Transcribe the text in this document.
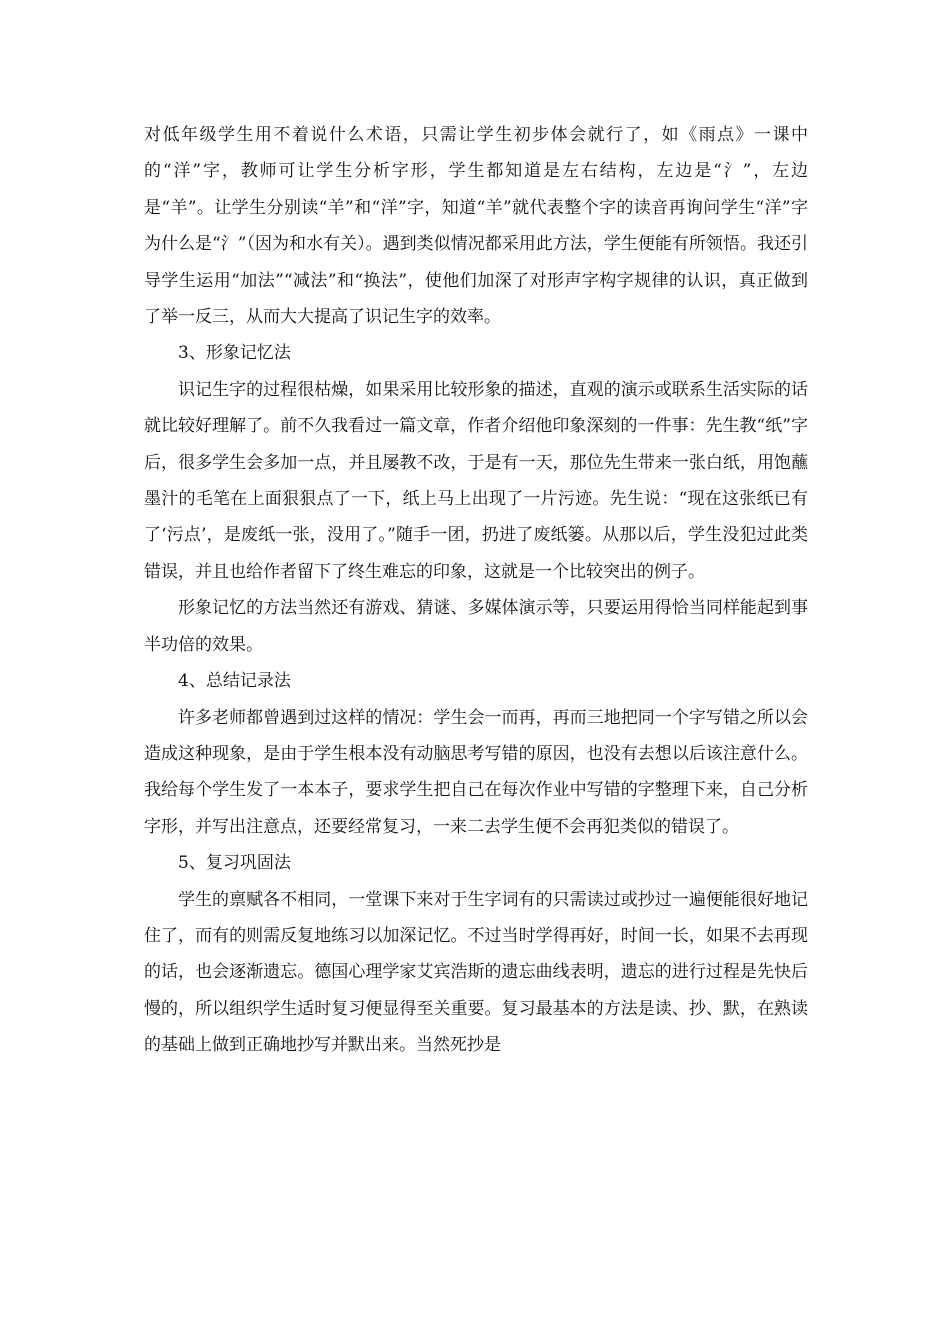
对低年级学生用不着说什么术语，只需让学生初步体会就行了，如《雨点》一课中的“洋”字，教师可让学生分析字形，学生都知道是左右结构，左边是“氵”，左边是“羊”。让学生分别读“羊”和“洋”字，知道“羊”就代表整个字的读音再询问学生“洋”字为什么是“氵”（因为和水有关）。遇到类似情况都采用此方法，学生便能有所领悟。我还引导学生运用“加法”“减法”和“换法”，使他们加深了对形声字构字规律的认识，真正做到了举一反三，从而大大提高了识记生字的效率。

3、形象记忆法

识记生字的过程很枯燥，如果采用比较形象的描述，直观的演示或联系生活实际的话就比较好理解了。前不久我看过一篇文章，作者介绍他印象深刻的一件事：先生教“纸”字后，很多学生会多加一点，并且屡教不改，于是有一天，那位先生带来一张白纸，用饱蘸墨汁的毛笔在上面狠狠点了一下，纸上马上出现了一片污迹。先生说：“现在这张纸已有了‘污点’，是废纸一张，没用了。”随手一团，扔进了废纸篓。从那以后，学生没犯过此类错误，并且也给作者留下了终生难忘的印象，这就是一个比较突出的例子。

形象记忆的方法当然还有游戏、猜谜、多媒体演示等，只要运用得恰当同样能起到事半功倍的效果。

4、总结记录法

许多老师都曾遇到过这样的情况：学生会一而再，再而三地把同一个字写错之所以会造成这种现象，是由于学生根本没有动脑思考写错的原因，也没有去想以后该注意什么。我给每个学生发了一本本子，要求学生把自己在每次作业中写错的字整理下来，自己分析字形，并写出注意点，还要经常复习，一来二去学生便不会再犯类似的错误了。

5、复习巩固法

学生的禀赋各不相同，一堂课下来对于生字词有的只需读过或抄过一遍便能很好地记住了，而有的则需反复地练习以加深记忆。不过当时学得再好，时间一长，如果不去再现的话，也会逐渐遗忘。德国心理学家艾宾浩斯的遗忘曲线表明，遗忘的进行过程是先快后慢的，所以组织学生适时复习便显得至关重要。复习最基本的方法是读、抄、默，在熟读的基础上做到正确地抄写并默出来。当然死抄是
